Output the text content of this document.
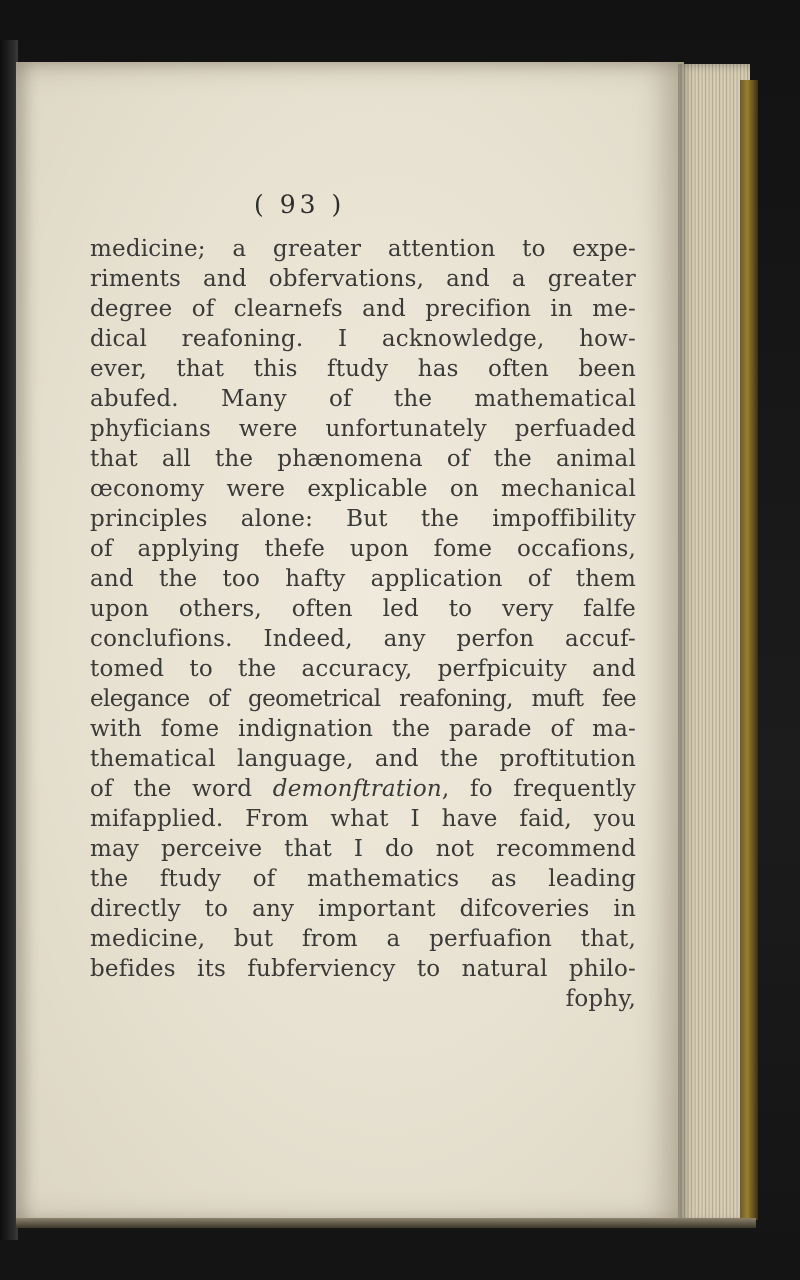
( 93 )
medicine; a greater attention to expe-
riments and obfervations, and a greater
degree of clearnefs and precifion in me-
dical reafoning. I acknowledge, how-
ever, that this ftudy has often been
abufed. Many of the mathematical
phyficians were unfortunately perfuaded
that all the phænomena of the animal
œconomy were explicable on mechanical
principles alone: But the impoffibility
of applying thefe upon fome occafions,
and the too hafty application of them
upon others, often led to very falfe
conclufions. Indeed, any perfon accuf-
tomed to the accuracy, perfpicuity and
elegance of geometrical reafoning, muft fee
with fome indignation the parade of ma-
thematical language, and the proftitution
of the word demonftration, fo frequently
mifapplied. From what I have faid, you
may perceive that I do not recommend
the ftudy of mathematics as leading
directly to any important difcoveries in
medicine, but from a perfuafion that,
befides its fubferviency to natural philo-
fophy,
